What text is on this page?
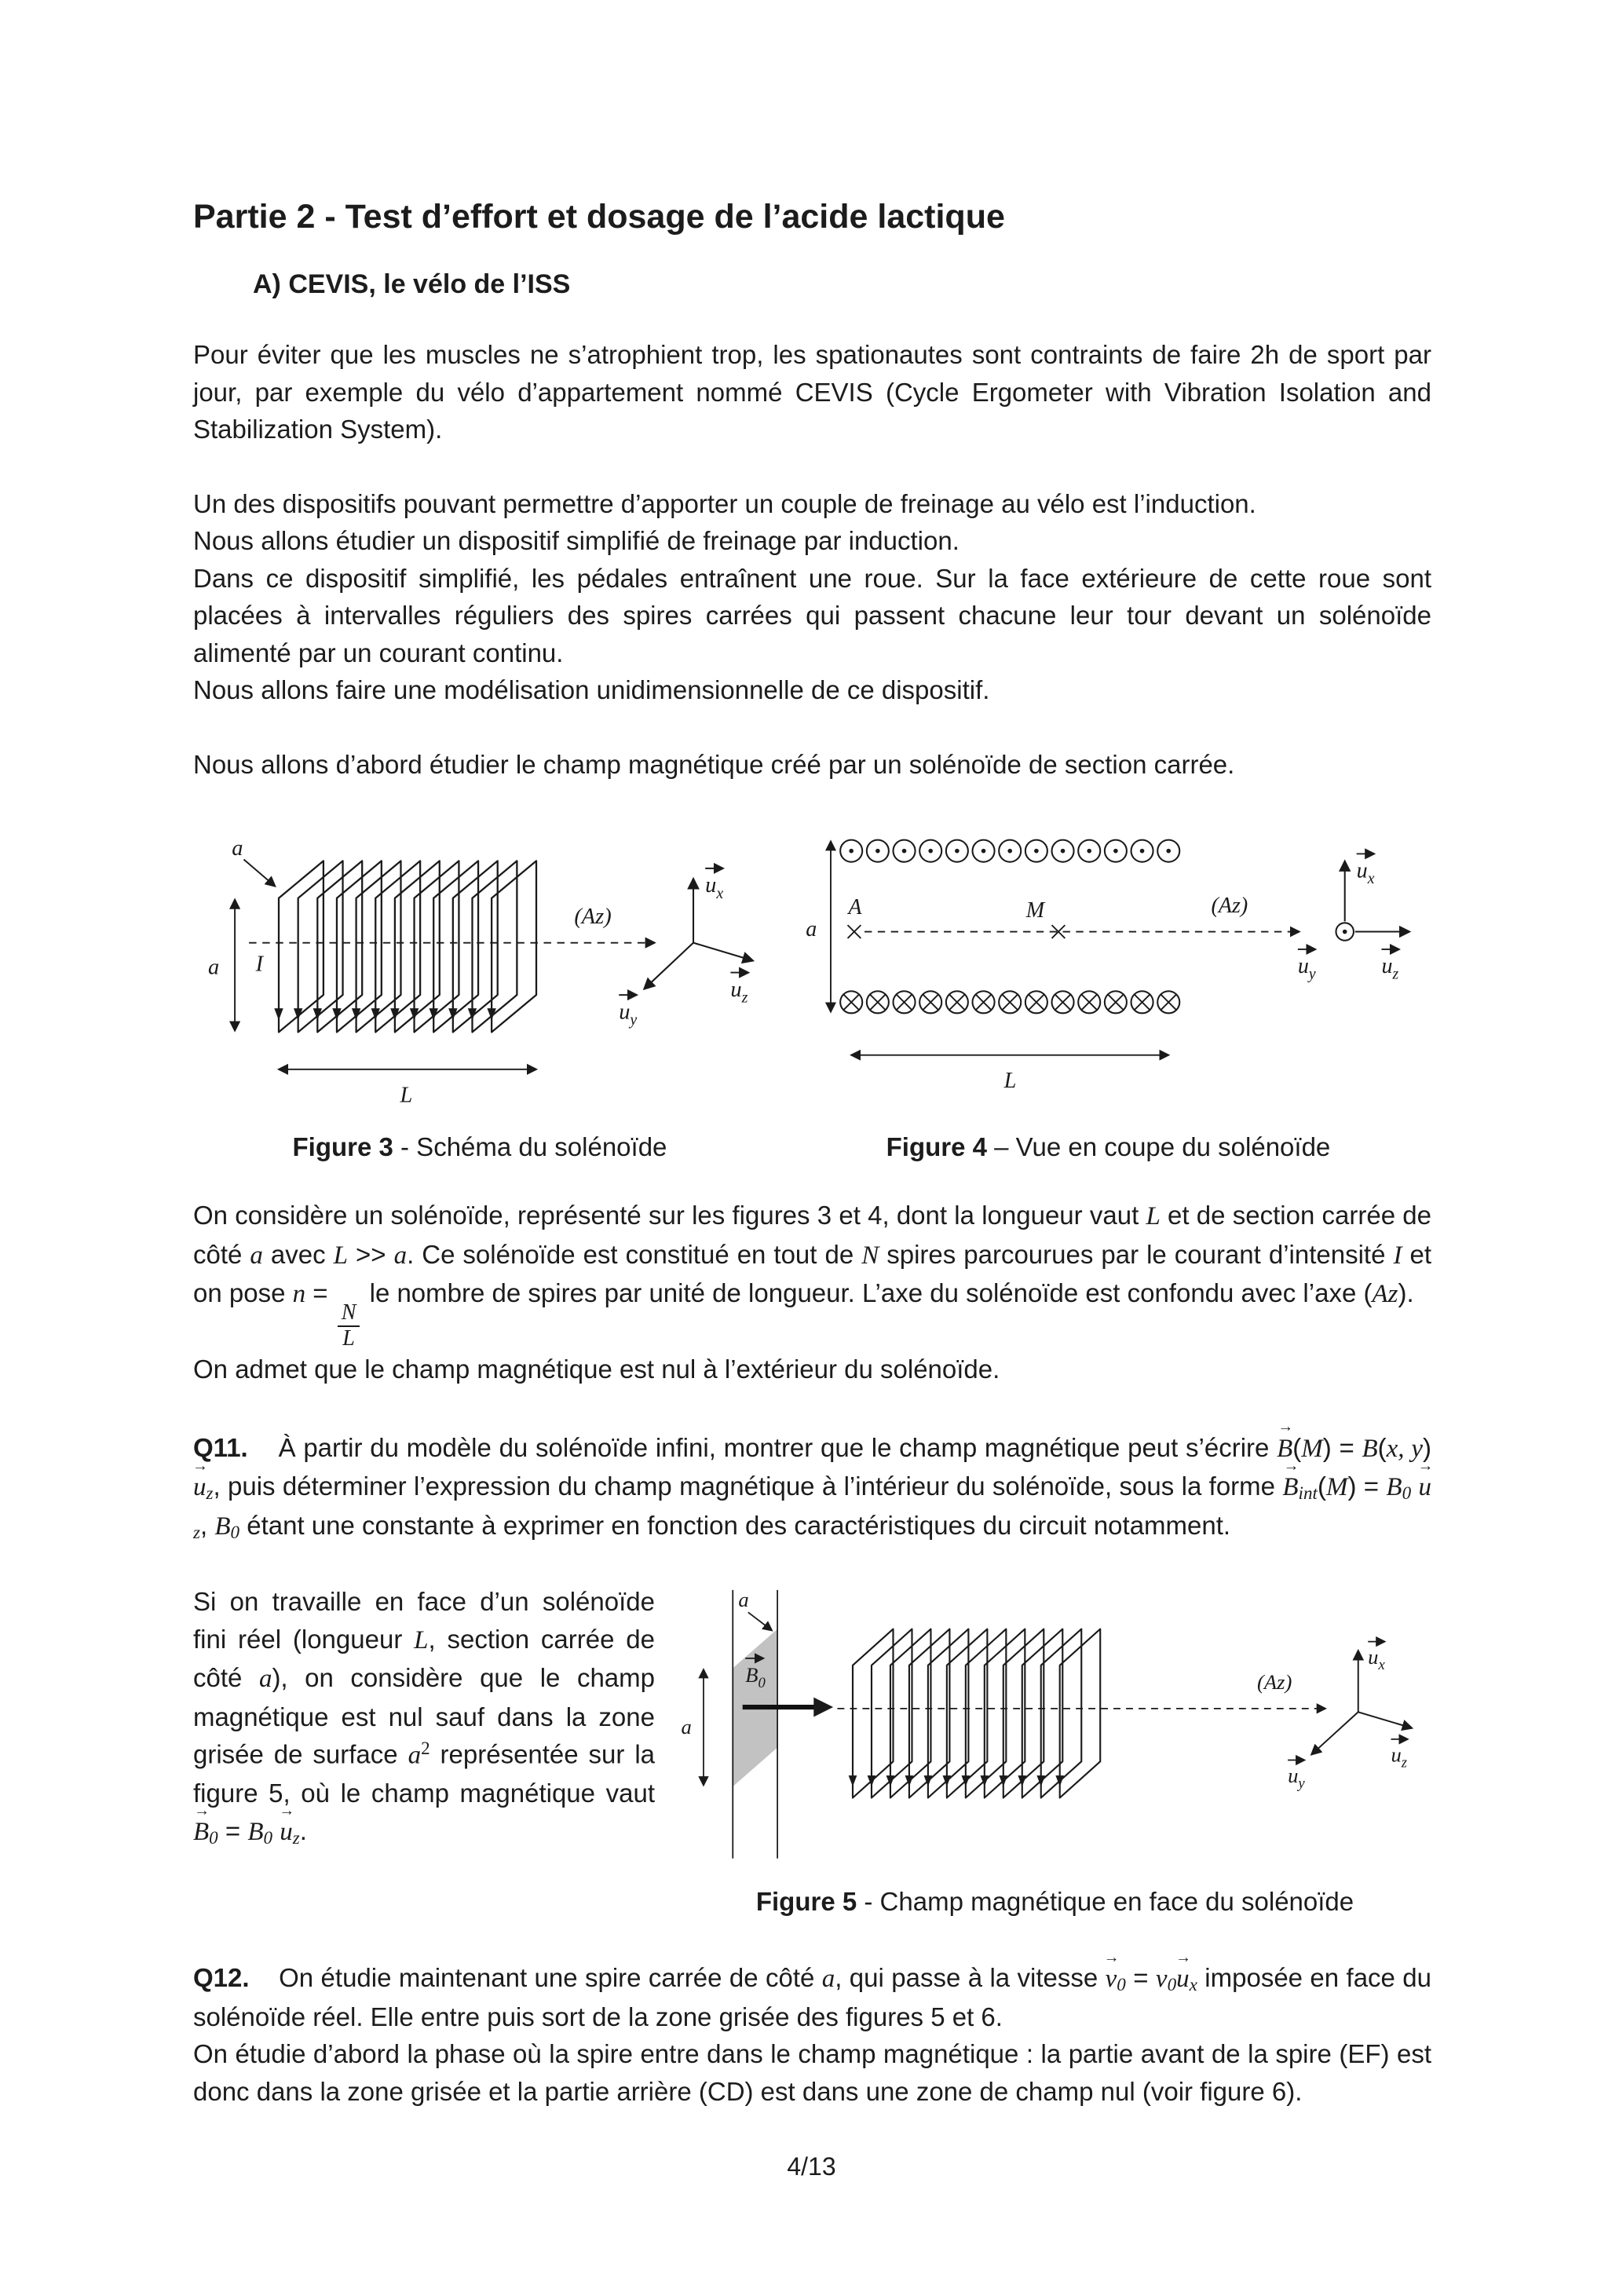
Partie 2 - Test d’effort et dosage de l’acide lactique
A) CEVIS, le vélo de l’ISS

Pour éviter que les muscles ne s’atrophient trop, les spationautes sont contraints de faire 2h de sport par jour, par exemple du vélo d’appartement nommé CEVIS (Cycle Ergometer with Vibration Isolation and Stabilization System).

Un des dispositifs pouvant permettre d’apporter un couple de freinage au vélo est l’induction.
Nous allons étudier un dispositif simplifié de freinage par induction.
Dans ce dispositif simplifié, les pédales entraînent une roue. Sur la face extérieure de cette roue sont placées à intervalles réguliers des spires carrées qui passent chacune leur tour devant un solénoïde alimenté par un courant continu.
Nous allons faire une modélisation unidimensionnelle de ce dispositif.

Nous allons d’abord étudier le champ magnétique créé par un solénoïde de section carrée.

(Az)
a
a I
L
$u_x$
$u_z$
$u_y$
Figure 3 - Schéma du solénoïde
a
A	(Az)
M
L
$u_x$
$u_y$	$u_z$
Figure 4 – Vue en coupe du solénoïde
On considère un solénoïde, représenté sur les figures 3 et 4, dont la longueur vaut L et de section carrée de côté a avec L >> a. Ce solénoïde est constitué en tout de N spires parcourues par le courant d’intensité I et on pose n =
$\frac{N}{L}$
le nombre de spires par unité de longueur. L’axe du solénoïde est confondu avec l’axe (Az).
On admet que le champ magnétique est nul à l’extérieur du solénoïde.
Q11.    À partir du modèle du solénoïde infini, montrer que le champ magnétique peut s’écrire B →(M) = B(x, y) $u \to_z$, puis déterminer l’expression du champ magnétique à l’intérieur du solénoïde, sous la forme $B \to_{int}(M) = B_0$ $u \to_z$, $B_0$ étant une constante à exprimer en fonction des caractéristiques du circuit notamment.
Si on travaille en face d’un solénoïde fini réel (longueur L, section carrée de côté a), on considère que le champ magnétique est nul sauf dans la zone grisée de surface $a^2$ représentée sur la figure 5, où le champ magnétique vaut $B \to_0 = B_0$ $u \to_z$.
a
a
$B_0$	(Az)
$u_x$
$u_z$
$u_y$
Figure 5 - Champ magnétique en face du solénoïde
Q12.    On étudie maintenant une spire carrée de côté a, qui passe à la vitesse $v \to_0 = v_0u \to_x$ imposée en face du solénoïde réel. Elle entre puis sort de la zone grisée des figures 5 et 6.
On étudie d’abord la phase où la spire entre dans le champ magnétique : la partie avant de la spire (EF) est donc dans la zone grisée et la partie arrière (CD) est dans une zone de champ nul (voir figure 6).
4/13
